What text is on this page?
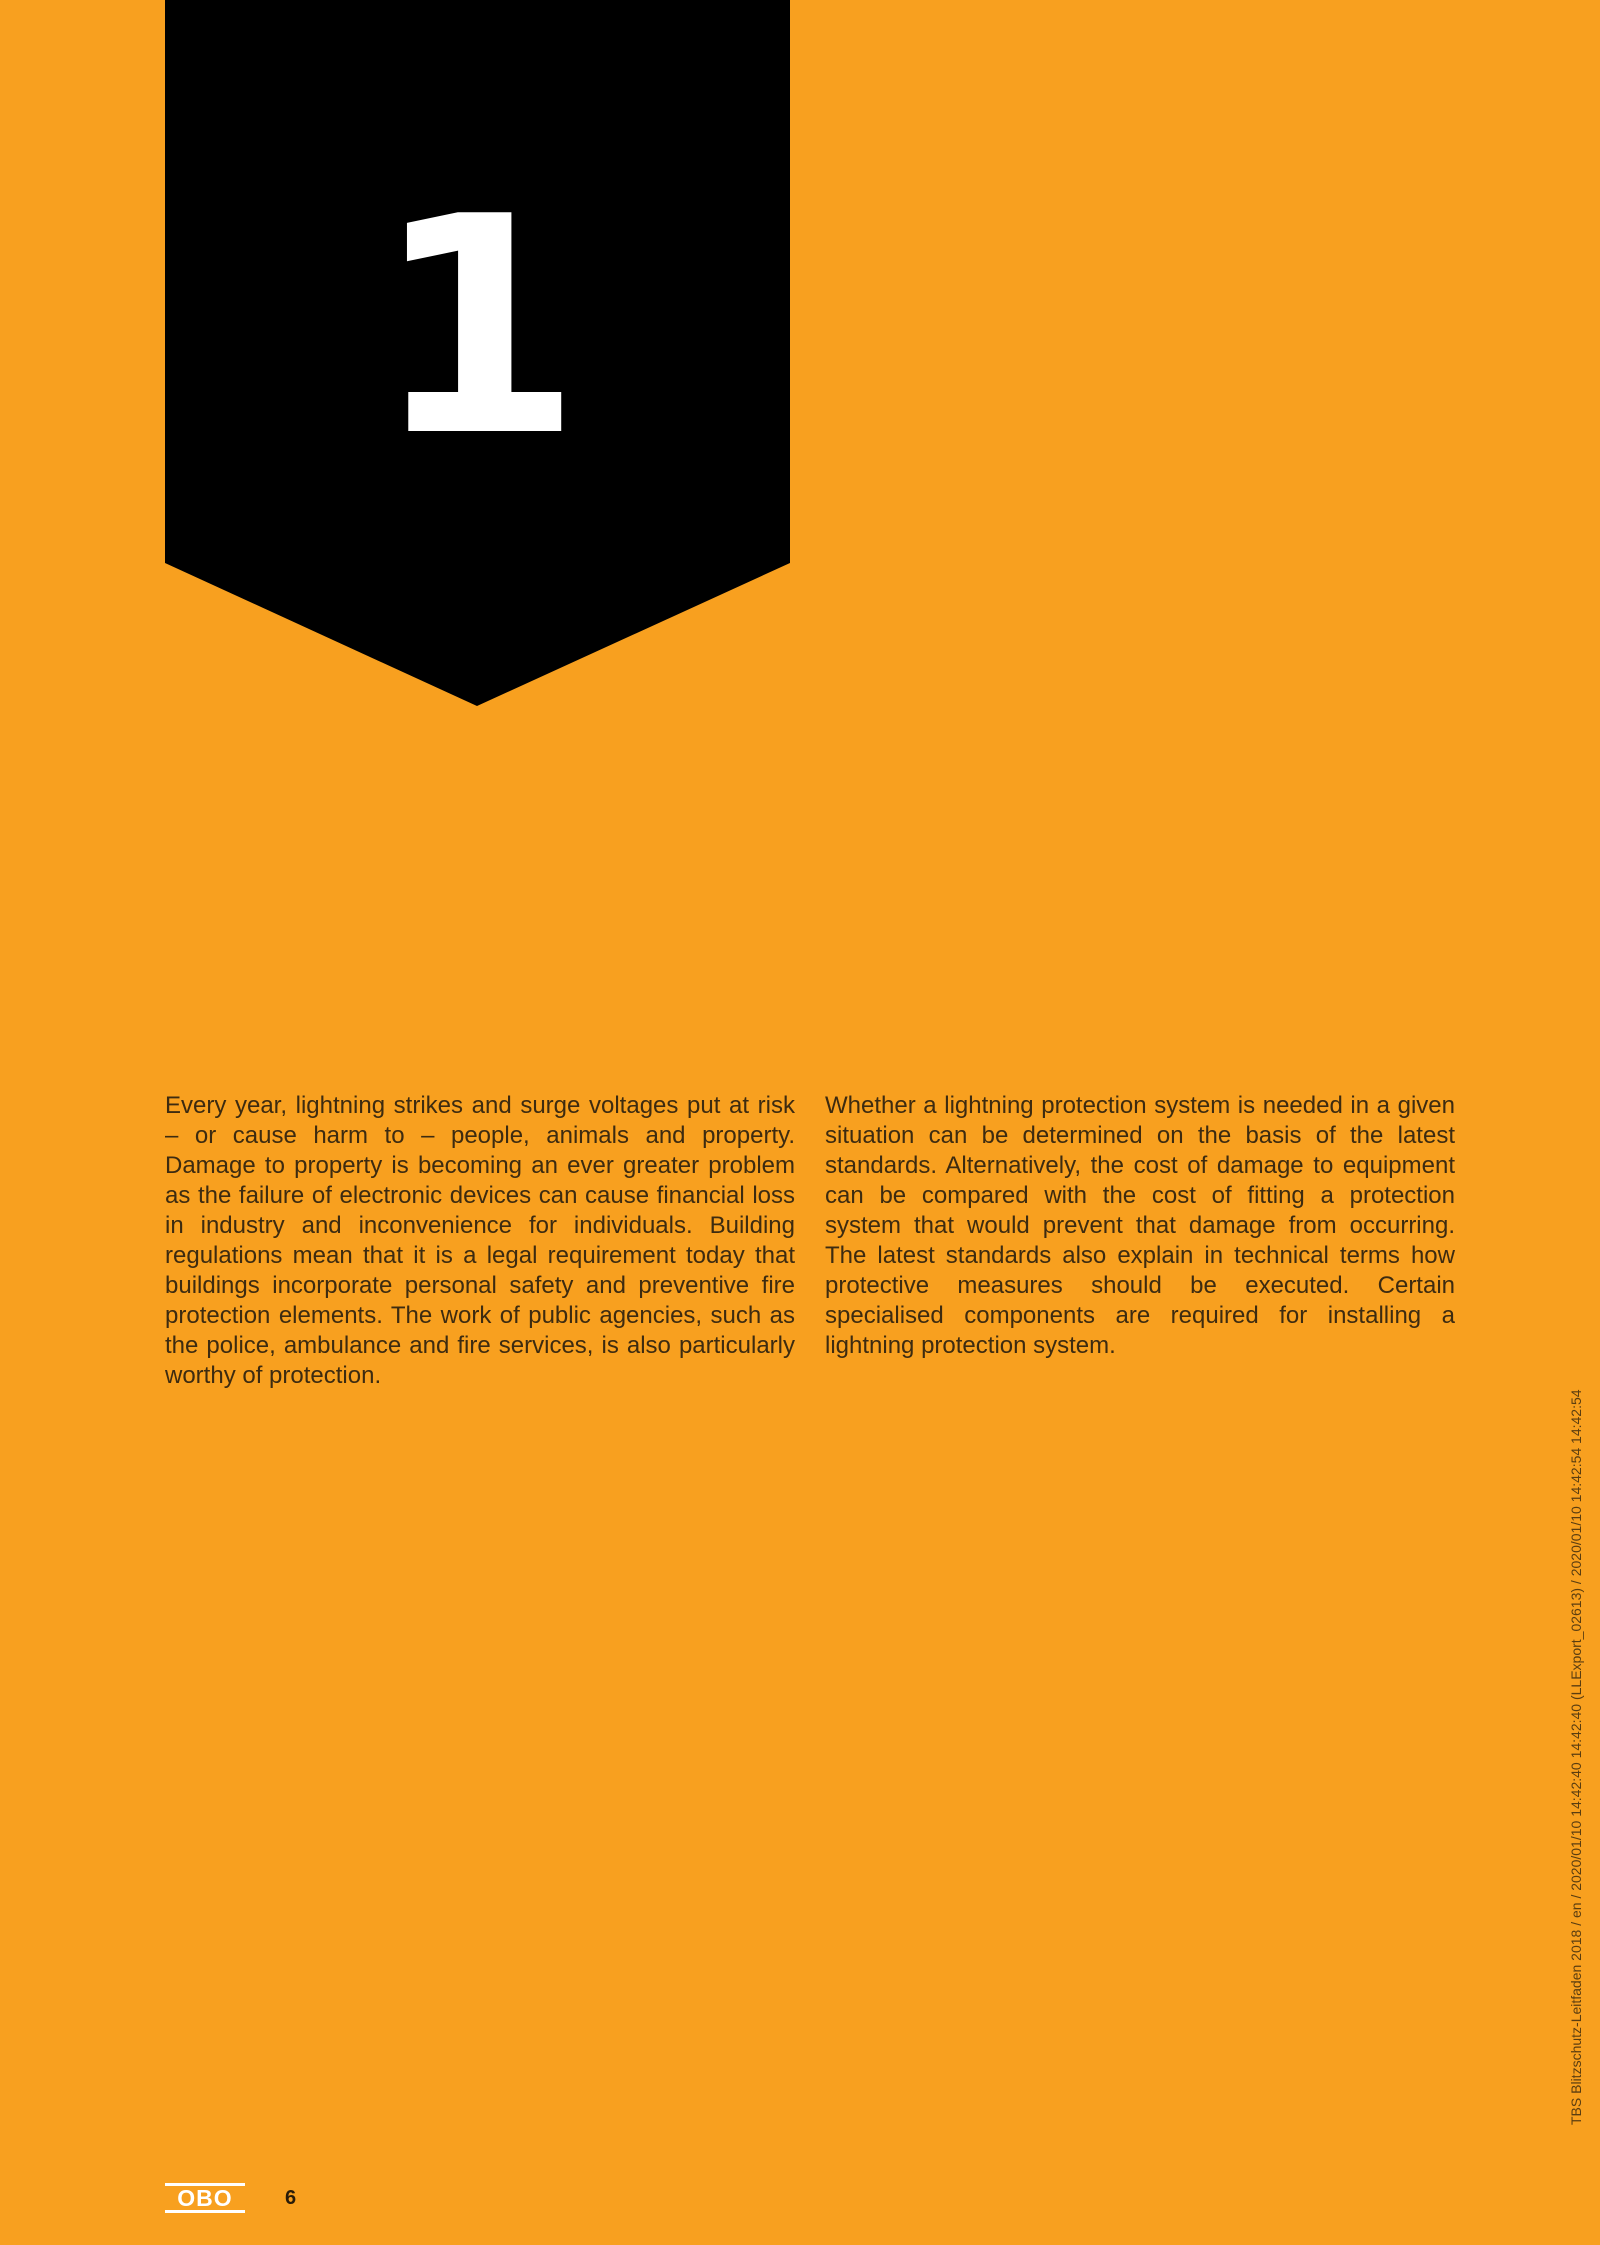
1

Every year, lightning strikes and surge voltages put at risk – or cause harm to – people, animals and property. Damage to property is becoming an ever greater problem as the failure of electronic devices can cause financial loss in industry and inconvenience for individuals. Building regulations mean that it is a legal requirement today that buildings incorporate personal safety and preventive fire protection elements. The work of public agencies, such as the police, ambulance and fire services, is also particularly worthy of protection.

Whether a lightning protection system is needed in a given situation can be determined on the basis of the latest standards. Alternatively, the cost of damage to equipment can be compared with the cost of fitting a protection system that would prevent that damage from occurring. The latest standards also explain in technical terms how protective measures should be executed. Certain specialised components are required for installing a lightning protection system.

TBS Blitzschutz-Leitfaden 2018 / en / 2020/01/10 14:42:40 14:42:40 (LLExport_02613) / 2020/01/10 14:42:54 14:42:54
OBO	6
